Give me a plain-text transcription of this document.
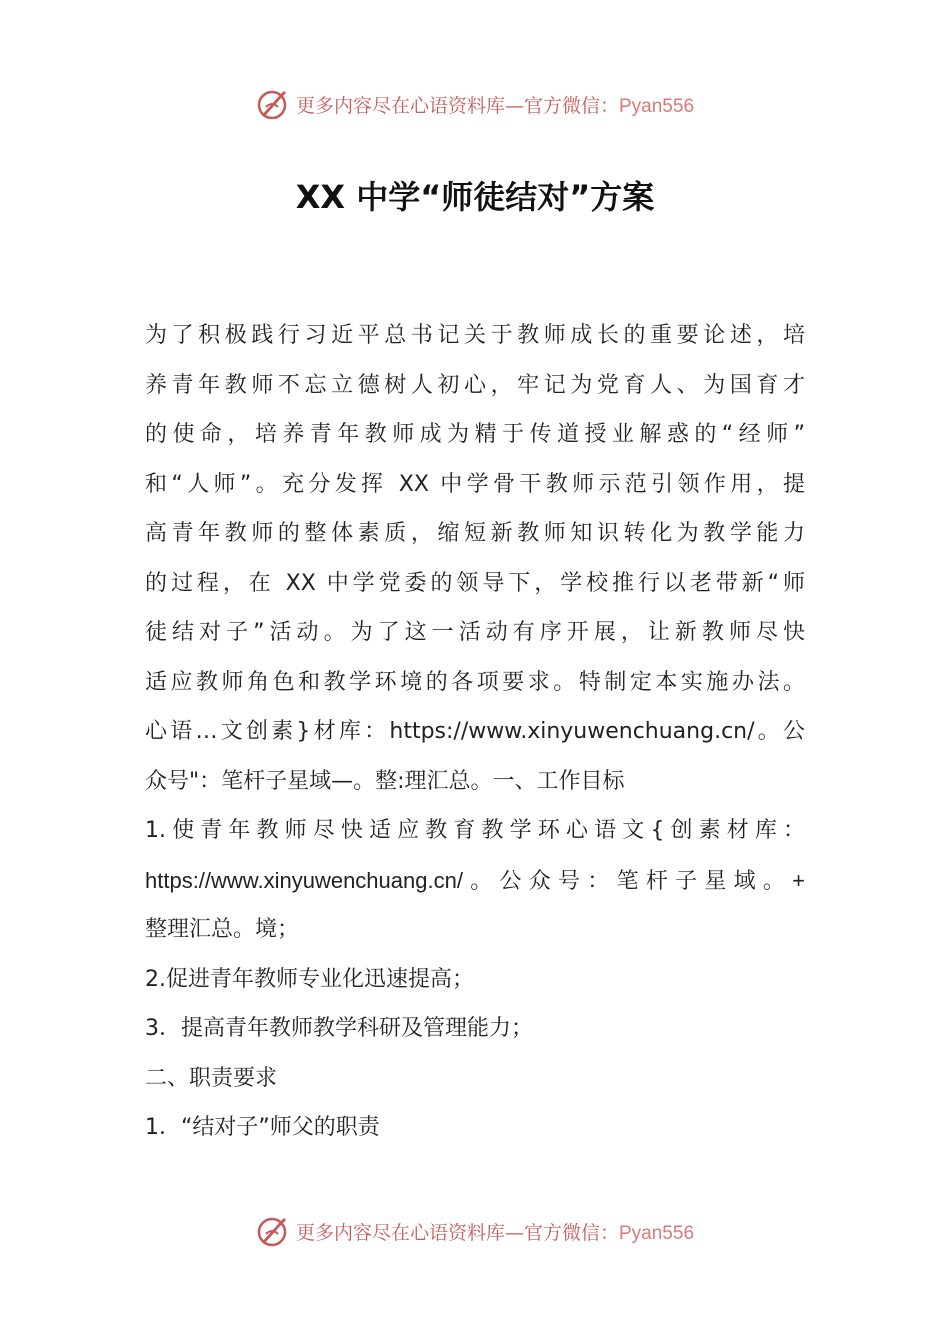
更多内容尽在心语资料库—官方微信：Pyan556
XX 中学“师徒结对”方案
为了积极践行习近平总书记关于教师成长的重要论述，培
养青年教师不忘立德树人初心，牢记为党育人、为国育才
的使命，培养青年教师成为精于传道授业解惑的“经师”
和“人师”。充分发挥 XX 中学骨干教师示范引领作用，提
高青年教师的整体素质，缩短新教师知识转化为教学能力
的过程，在 XX 中学党委的领导下，学校推行以老带新“师
徒结对子”活动。为了这一活动有序开展，让新教师尽快
适应教师角色和教学环境的各项要求。特制定本实施办法。
心语…文创素}材库：https://www.xinyuwenchuang.cn/。公
众号"：笔杆子星域—。整:理汇总。一、工作目标
1.使青年教师尽快适应教育教学环心语文{创素材库：
https://www.xinyuwenchuang.cn/。公众号：笔杆子星域。+
整理汇总。境；
2.促进青年教师专业化迅速提高；
3．提高青年教师教学科研及管理能力；
二、职责要求
1．“结对子”师父的职责
更多内容尽在心语资料库—官方微信：Pyan556
